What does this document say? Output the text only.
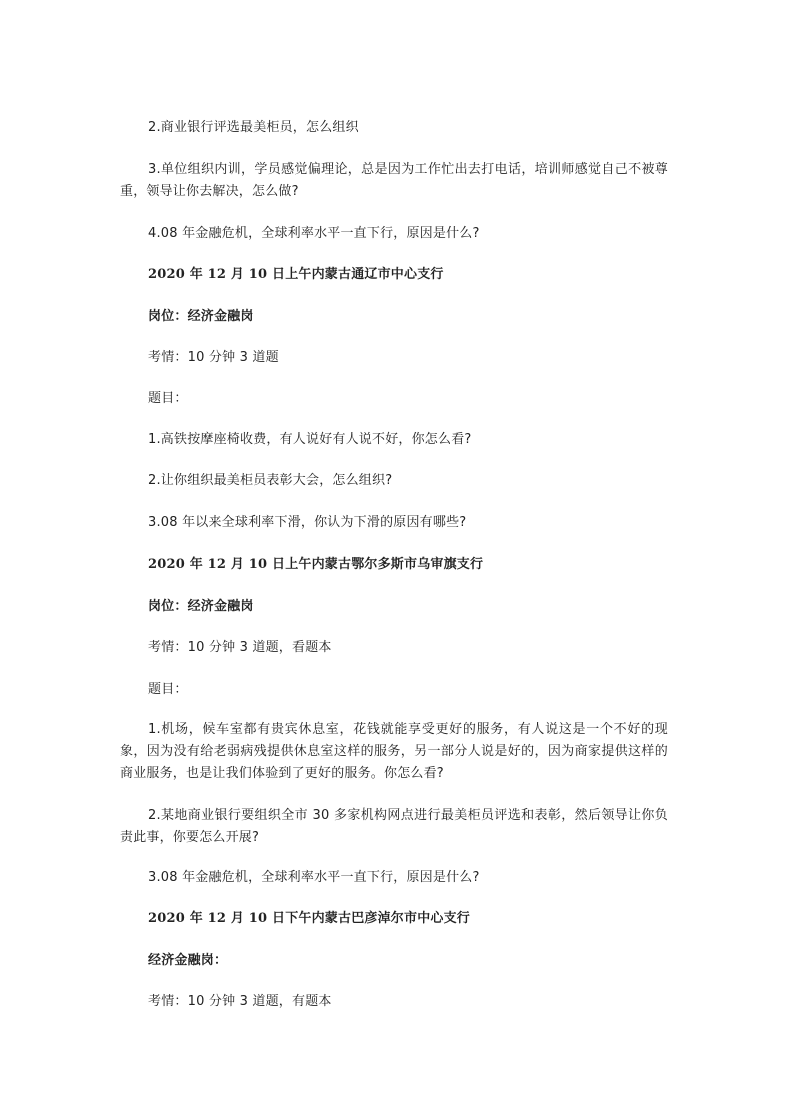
2.商业银行评选最美柜员，怎么组织
3.单位组织内训，学员感觉偏理论，总是因为工作忙出去打电话，培训师感觉自己不被尊重，领导让你去解决，怎么做?
4.08 年金融危机，全球利率水平一直下行，原因是什么?
2020 年 12 月 10 日上午内蒙古通辽市中心支行
岗位：经济金融岗
考情：10 分钟 3 道题
题目：
1.高铁按摩座椅收费，有人说好有人说不好，你怎么看?
2.让你组织最美柜员表彰大会，怎么组织?
3.08 年以来全球利率下滑，你认为下滑的原因有哪些?
2020 年 12 月 10 日上午内蒙古鄂尔多斯市乌审旗支行
岗位：经济金融岗
考情：10 分钟 3 道题，看题本
题目：
1.机场，候车室都有贵宾休息室，花钱就能享受更好的服务，有人说这是一个不好的现象，因为没有给老弱病残提供休息室这样的服务，另一部分人说是好的，因为商家提供这样的商业服务，也是让我们体验到了更好的服务。你怎么看?
2.某地商业银行要组织全市 30 多家机构网点进行最美柜员评选和表彰，然后领导让你负责此事，你要怎么开展?
3.08 年金融危机，全球利率水平一直下行，原因是什么?
2020 年 12 月 10 日下午内蒙古巴彦淖尔市中心支行
经济金融岗：
考情：10 分钟 3 道题，有题本
